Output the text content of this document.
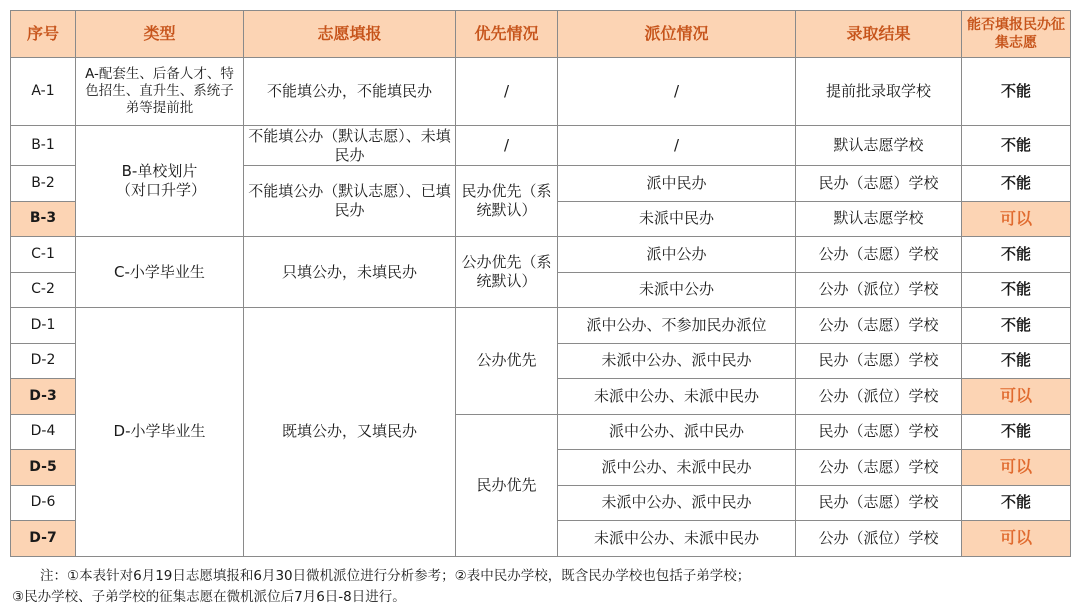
序号	类型	志愿填报	优先情况	派位情况	录取结果	能否填报民办征集志愿
A-1	A-配套生、后备人才、特色招生、直升生、系统子弟等提前批	不能填公办，不能填民办	/	/	提前批录取学校	不能
B-1	B-单校划片（对口升学）	不能填公办（默认志愿）、未填民办	/	/	默认志愿学校	不能
B-2		不能填公办（默认志愿）、已填民办	民办优先（系统默认）	派中民办	民办（志愿）学校	不能
B-3				未派中民办	默认志愿学校	可以
C-1	C-小学毕业生	只填公办，未填民办	公办优先（系统默认）	派中公办	公办（志愿）学校	不能
C-2				未派中公办	公办（派位）学校	不能
D-1	D-小学毕业生	既填公办，又填民办	公办优先	派中公办、不参加民办派位	公办（志愿）学校	不能
D-2				未派中公办、派中民办	民办（志愿）学校	不能
D-3				未派中公办、未派中民办	公办（派位）学校	可以
D-4			民办优先	派中公办、派中民办	民办（志愿）学校	不能
D-5				派中公办、未派中民办	公办（志愿）学校	可以
D-6				未派中公办、派中民办	民办（志愿）学校	不能
D-7				未派中公办、未派中民办	公办（派位）学校	可以
注：①本表针对6月19日志愿填报和6月30日微机派位进行分析参考；②表中民办学校，既含民办学校也包括子弟学校；
③民办学校、子弟学校的征集志愿在微机派位后7月6日-8日进行。
